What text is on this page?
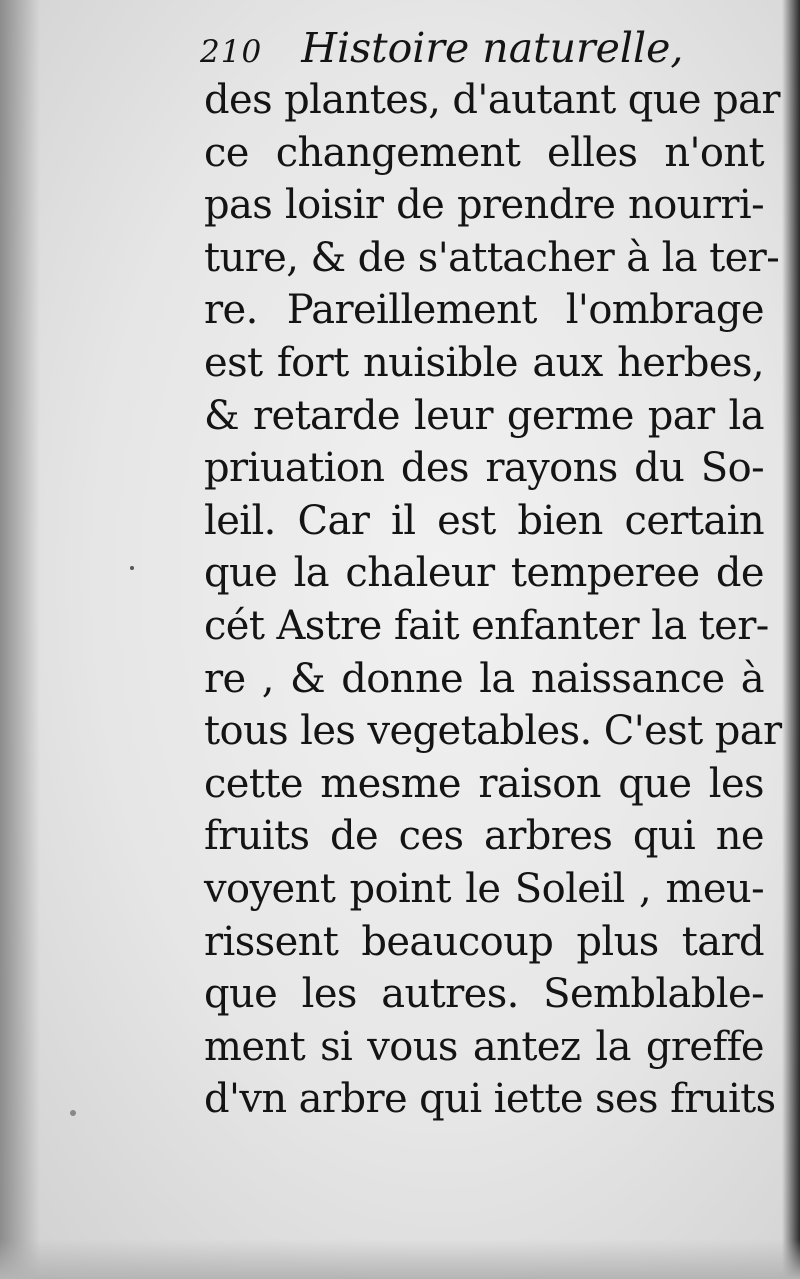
210 Histoire naturelle,
des plantes, d'autant que par
ce changement elles n'ont
pas loisir de prendre nourri-
ture, & de s'attacher à la ter-
re. Pareillement l'ombrage
est fort nuisible aux herbes,
& retarde leur germe par la
priuation des rayons du So-
leil. Car il est bien certain
que la chaleur temperee de
cét Astre fait enfanter la ter-
re , & donne la naissance à
tous les vegetables. C'est par
cette mesme raison que les
fruits de ces arbres qui ne
voyent point le Soleil , meu-
rissent beaucoup plus tard
que les autres. Semblable-
ment si vous antez la greffe
d'vn arbre qui iette ses fruits
